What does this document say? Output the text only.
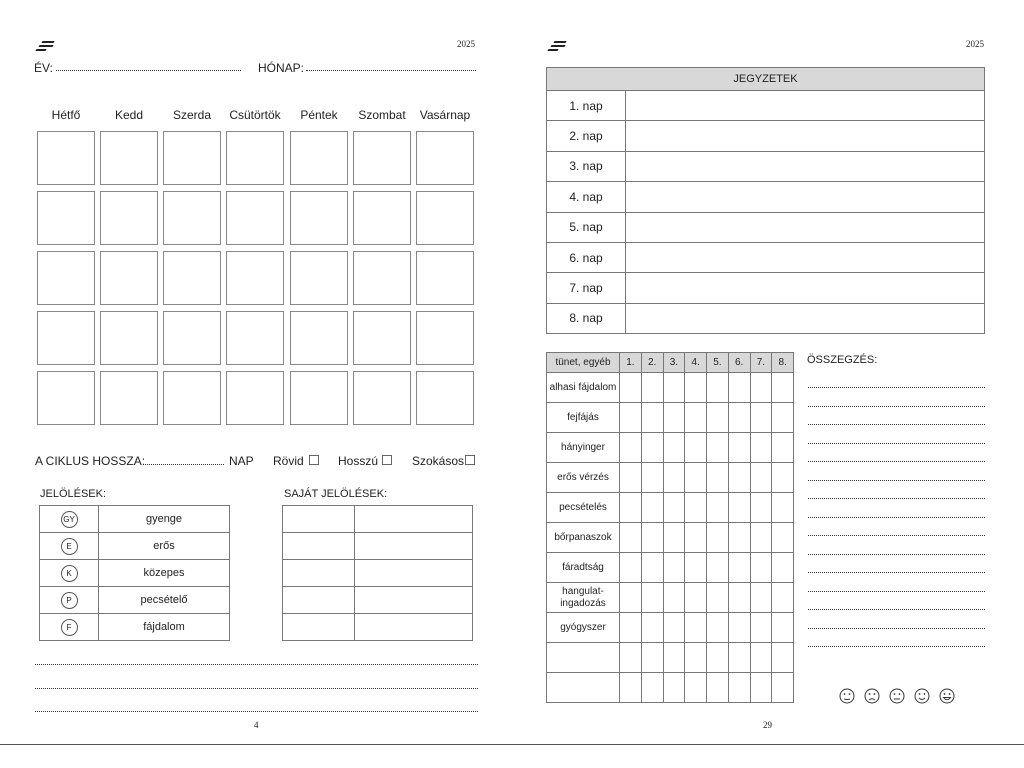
2025
ÉV:	HÓNAP:
Hétfő	Kedd	Szerda	Csütörtök	Péntek	Szombat	Vasárnap
A CIKLUS HOSSZA:	NAP Rövid	Hosszú	Szokásos
JELÖLÉSEK:
GY	gyenge
E	erős
K	közepes
P	pecsételő
F	fájdalom
SAJÁT JELÖLÉSEK:

4
2025
JEGYZETEK	
1. nap	
2. nap	
3. nap	
4. nap	
5. nap	
6. nap	
7. nap	
8. nap	
tünet, egyéb	1.	2.	3.	4.	5.	6.	7.	8.
alhasi fájdalom								
fejfájás								
hányinger								
erős vérzés								
pecsételés								
bőrpanaszok								
fáradtság								
hangulat-ingadozás								
gyógyszer								

ÖSSZEGZÉS:
29
